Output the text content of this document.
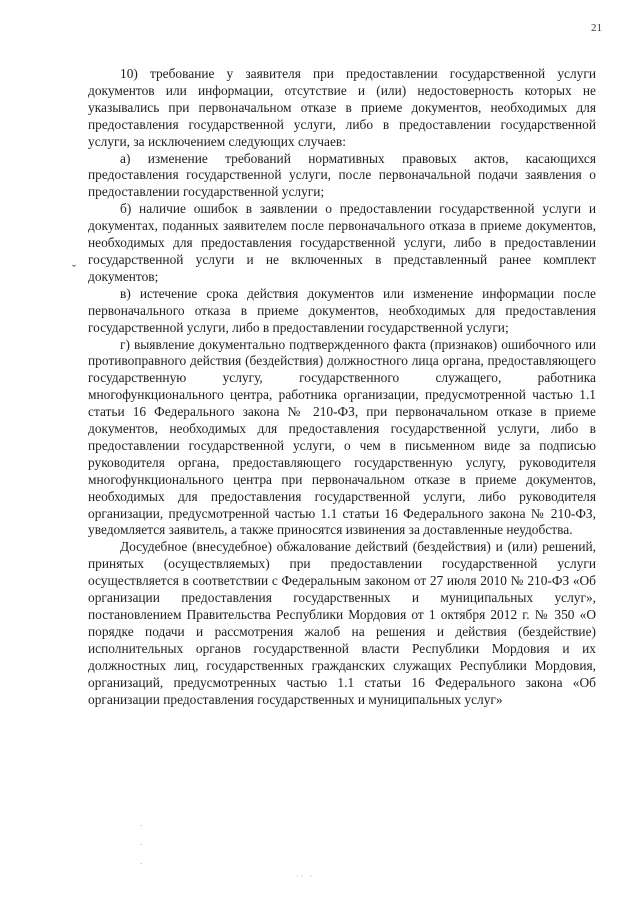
21
ˇ

10) требование у заявителя при предоставлении государственной услуги документов или информации, отсутствие и (или) недостоверность которых не указывались при первоначальном отказе в приеме документов, необходимых для предоставления государственной услуги, либо в предоставлении государственной услуги, за исключением следующих случаев:

а) изменение требований нормативных правовых актов, касающихся предоставления государственной услуги, после первоначальной подачи заявления о предоставлении государственной услуги;

б) наличие ошибок в заявлении о предоставлении государственной услуги и документах, поданных заявителем после первоначального отказа в приеме документов, необходимых для предоставления государственной услуги, либо в предоставлении государственной услуги и не включенных в представленный ранее комплект документов;

в) истечение срока действия документов или изменение информации после первоначального отказа в приеме документов, необходимых для предоставления государственной услуги, либо в предоставлении государственной услуги;

г) выявление документально подтвержденного факта (признаков) ошибочного или противоправного действия (бездействия) должностного лица органа, предоставляющего государственную услугу, государственного служащего, работника многофункционального центра, работника организации, предусмотренной частью 1.1 статьи 16 Федерального закона № 210-ФЗ, при первоначальном отказе в приеме документов, необходимых для предоставления государственной услуги, либо в предоставлении государственной услуги, о чем в письменном виде за подписью руководителя органа, предоставляющего государственную услугу, руководителя многофункционального центра при первоначальном отказе в приеме документов, необходимых для предоставления государственной услуги, либо руководителя организации, предусмотренной частью 1.1 статьи 16 Федерального закона № 210-ФЗ, уведомляется заявитель, а также приносятся извинения за доставленные неудобства.

Досудебное (внесудебное) обжалование действий (бездействия) и (или) решений, принятых (осуществляемых) при предоставлении государственной услуги осуществляется в соответствии с Федеральным законом от 27 июля 2010 № 210-ФЗ «Об организации предоставления государственных и муниципальных услуг», постановлением Правительства Республики Мордовия от 1 октября 2012 г. № 350 «О порядке подачи и рассмотрения жалоб на решения и действия (бездействие) исполнительных органов государственной власти Республики Мордовия и их должностных лиц, государственных гражданских служащих Республики Мордовия, организаций, предусмотренных частью 1.1 статьи 16 Федерального закона «Об организации предоставления государственных и муниципальных услуг»

·
·
·
·· ·
